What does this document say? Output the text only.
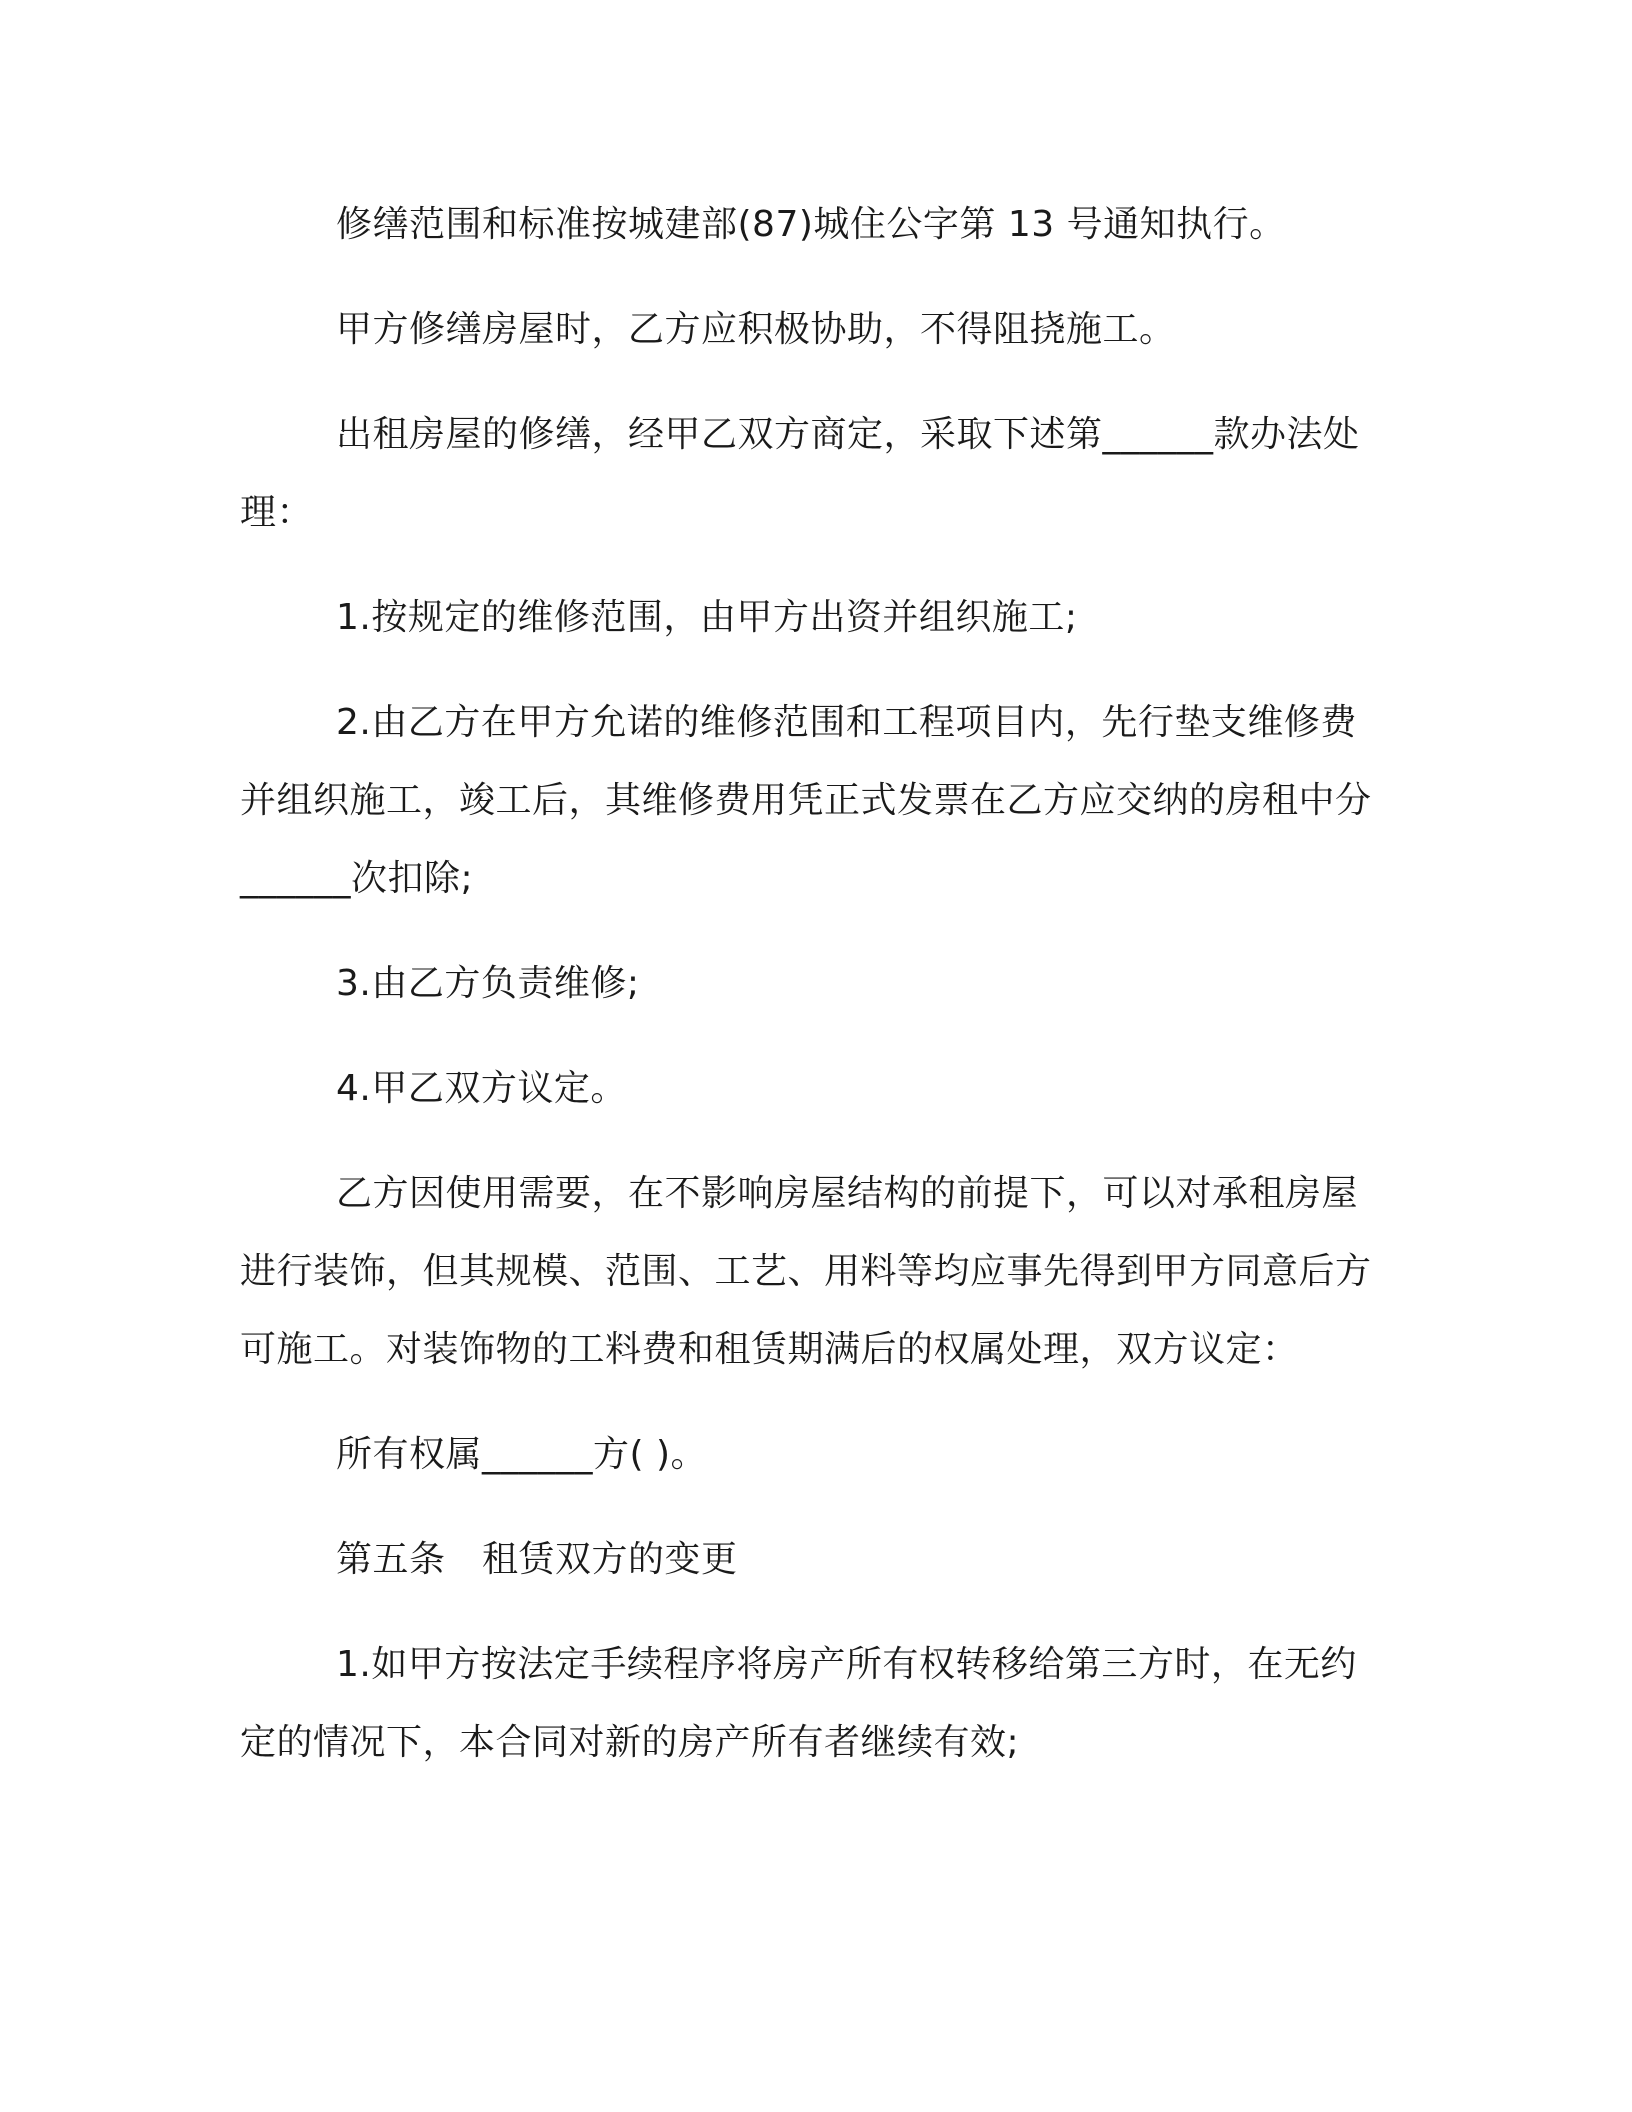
修缮范围和标准按城建部(87)城住公字第 13 号通知执行。

甲方修缮房屋时，乙方应积极协助，不得阻挠施工。

出租房屋的修缮，经甲乙双方商定，采取下述第______款办法处理：

1.按规定的维修范围，由甲方出资并组织施工;

2.由乙方在甲方允诺的维修范围和工程项目内，先行垫支维修费并组织施工，竣工后，其维修费用凭正式发票在乙方应交纳的房租中分______次扣除;

3.由乙方负责维修;

4.甲乙双方议定。

乙方因使用需要，在不影响房屋结构的前提下，可以对承租房屋进行装饰，但其规模、范围、工艺、用料等均应事先得到甲方同意后方可施工。对装饰物的工料费和租赁期满后的权属处理，双方议定：

所有权属______方( )。

第五条　租赁双方的变更

1.如甲方按法定手续程序将房产所有权转移给第三方时，在无约定的情况下，本合同对新的房产所有者继续有效;
